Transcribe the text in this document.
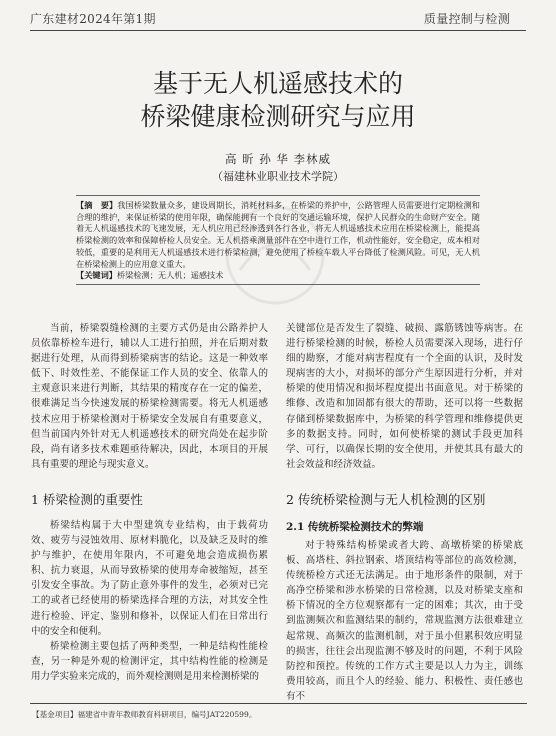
广东建材2024年第1期	质量控制与检测
基于无人机遥感技术的
桥梁健康检测研究与应用
高 昕 孙 华 李林威
（福建林业职业技术学院）
【摘　要】我国桥梁数量众多，建设周期长，消耗材料多，在桥梁的养护中，公路管理人员需要进行定期检测和合理的维护，来保证桥梁的使用年限，确保能拥有一个良好的交通运输环境，保护人民群众的生命财产安全。随着无人机遥感技术的飞速发展，无人机应用已经渗透到各行各业，将无人机遥感技术应用在桥梁检测上，能提高桥梁检测的效率和保障桥检人员安全。无人机搭乘测量部件在空中进行工作，机动性能好，安全稳定，成本相对较低，重要的是利用无人机遥感技术进行桥梁检测，避免使用了桥检车载人平台降低了检测风险。可见，无人机在桥梁检测上的应用意义重大。
【关键词】桥梁检测；无人机；遥感技术

当前，桥梁裂缝检测的主要方式仍是由公路养护人员依靠桥检车进行，辅以人工进行拍照，并在后期对数据进行处理，从而得到桥梁病害的结论。这是一种效率低下、时效性差、不能保证工作人员的安全、依靠人的主观意识来进行判断，其结果的精度存在一定的偏差，很难满足当今快速发展的桥梁检测需要。将无人机遥感技术应用于桥梁检测对于桥梁安全发展自有重要意义，但当前国内外针对无人机遥感技术的研究尚处在起步阶段，尚有诸多技术难题亟待解决，因此，本项目的开展具有重要的理论与现实意义。

1 桥梁检测的重要性

桥梁结构属于大中型建筑专业结构，由于载荷功效、疲劳与浸蚀效用、原材料脆化，以及缺乏及时的维护与维护，在使用年限内，不可避免地会造成损伤累积、抗力衰退，从而导致桥梁的使用寿命被缩短，甚至引发安全事故。为了防止意外事件的发生，必须对已完工的或者已经使用的桥梁选择合理的方法，对其安全性进行检验、评定、鉴别和修补，以保证人们在日常出行中的安全和便利。

桥梁检测主要包括了两种类型，一种是结构性能检查，另一种是外观的检测评定，其中结构性能的检测是用力学实验来完成的，而外观检测则是用来检测桥梁的

关键部位是否发生了裂缝、破损、露筋锈蚀等病害。在进行桥梁检测的时候，桥检人员需要深入现场，进行仔细的勘察，才能对病害程度有一个全面的认识，及时发现病害的大小，对损坏的部分产生原因进行分析，并对桥梁的使用情况和损坏程度提出书面意见。对于桥梁的维修、改造和加固都有很大的帮助，还可以将一些数据存储到桥梁数据库中，为桥梁的科学管理和维修提供更多的数据支持。同时，如何使桥梁的测试手段更加科学、可行，以确保长期的安全使用，并使其具有最大的社会效益和经济效益。

2 传统桥梁检测与无人机检测的区别
2.1 传统桥梁检测技术的弊端

对于特殊结构桥梁或者大跨、高墩桥梁的桥梁底板、高塔柱、斜拉钢索、塔顶结构等部位的高效检测，传统桥检方式还无法满足。由于地形条件的限制，对于高净空桥梁和涉水桥梁的日常检测，以及对桥梁支座和桥下情况的全方位观察都有一定的困难；其次，由于受到监测频次和监测结果的制约，常规监测方法很难建立起常规、高频次的监测机制，对于虽小但累积效应明显的损害，往往会出现监测不够及时的问题，不利于风险防控和预控。传统的工作方式主要是以人力为主，训练费用较高，而且个人的经验、能力、积极性、责任感也有不

【基金项目】福建省中青年教师教育科研项目，编号JAT220599。
